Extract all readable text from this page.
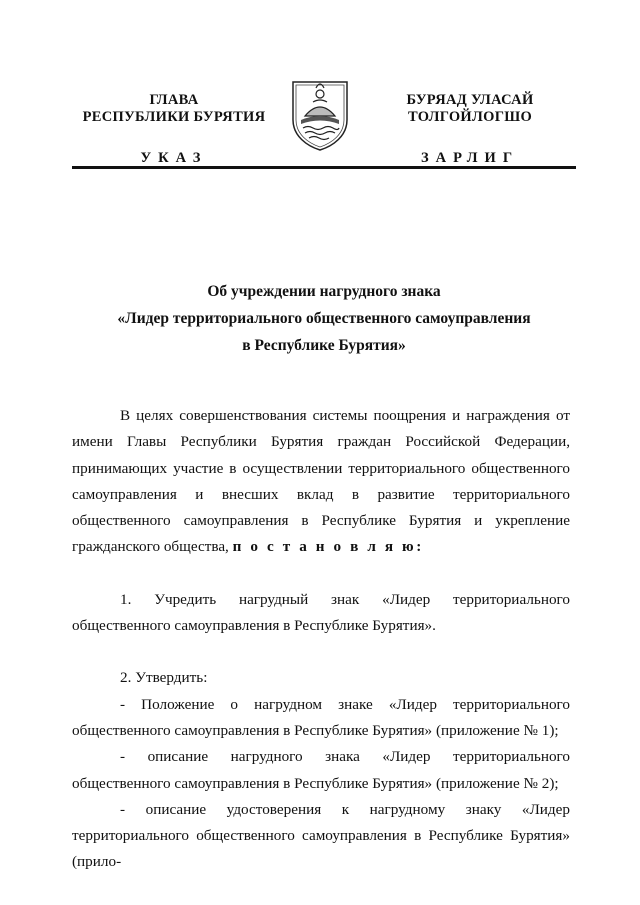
ГЛАВА
РЕСПУБЛИКИ БУРЯТИЯ
УКАЗ
БУРЯАД УЛАСАЙ
ТОЛГОЙЛОГШО
ЗАРЛИГ
Об учреждении нагрудного знака
«Лидер территориального общественного самоуправления
в Республике Бурятия»

В целях совершенствования системы поощрения и награждения от имени Главы Республики Бурятия граждан Российской Федерации, принимающих участие в осуществлении территориального общественного самоуправления и внесших вклад в развитие территориального общественного самоуправления в Республике Бурятия и укрепление гражданского общества, п о с т а н о в л я ю:

1. Учредить нагрудный знак «Лидер территориального общественного самоуправления в Республике Бурятия».

2. Утвердить:

- Положение о нагрудном знаке «Лидер территориального общественного самоуправления в Республике Бурятия» (приложение № 1);

- описание нагрудного знака «Лидер территориального общественного самоуправления в Республике Бурятия» (приложение № 2);

- описание удостоверения к нагрудному знаку «Лидер территориального общественного самоуправления в Республике Бурятия» (прило-
